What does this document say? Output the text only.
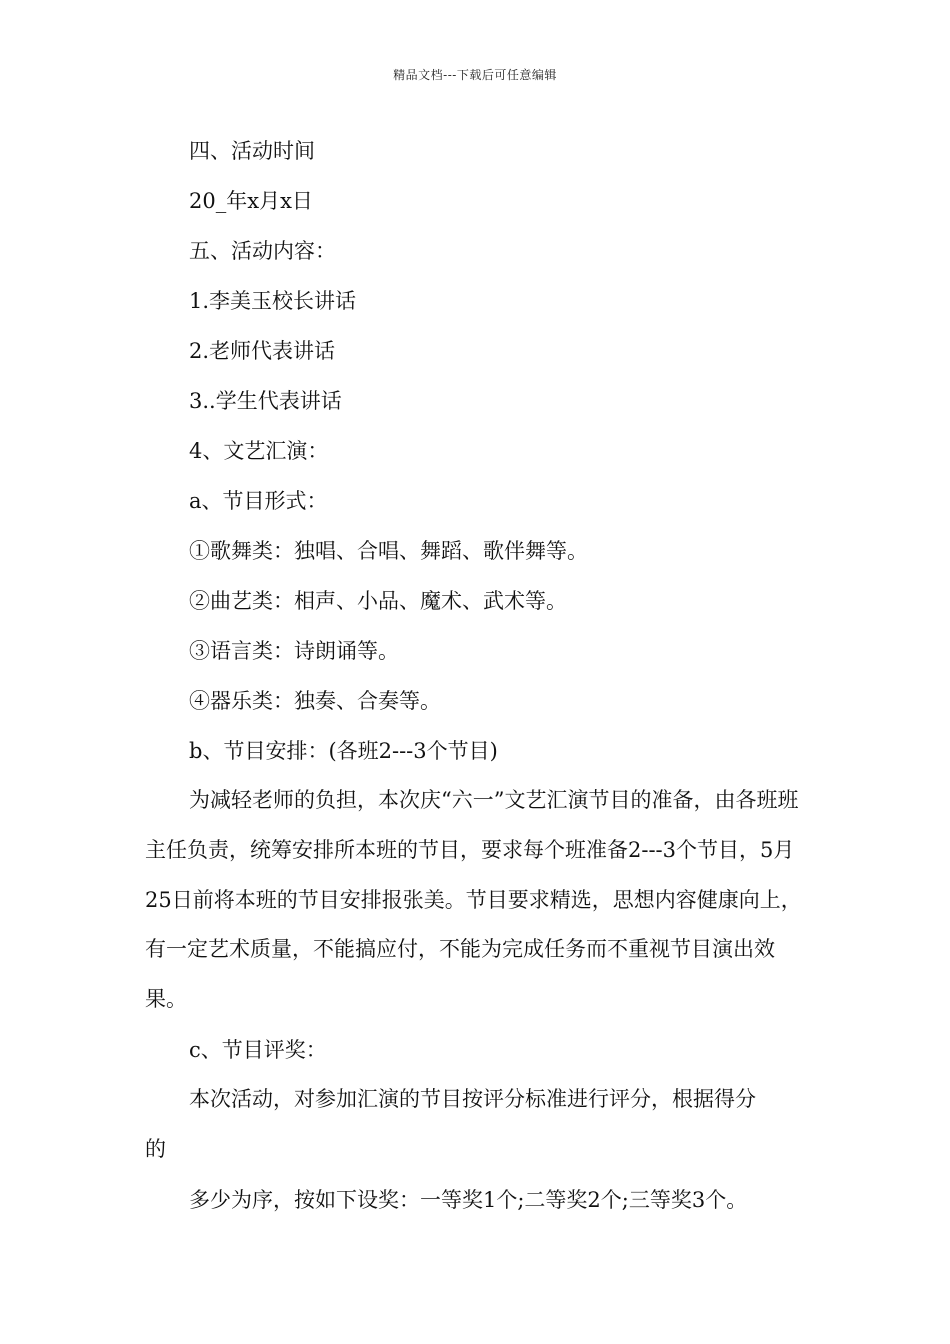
精品文档---下载后可任意编辑

四、活动时间

20_年x月x日

五、活动内容：

1.李美玉校长讲话

2.老师代表讲话

3..学生代表讲话

4、文艺汇演：

a、节目形式：

①歌舞类：独唱、合唱、舞蹈、歌伴舞等。

②曲艺类：相声、小品、魔术、武术等。

③语言类：诗朗诵等。

④器乐类：独奏、合奏等。

b、节目安排：(各班2---3个节目)

为减轻老师的负担，本次庆“六一”文艺汇演节目的准备，由各班班主任负责，统筹安排所本班的节目，要求每个班准备2---3个节目，5月25日前将本班的节目安排报张美。节目要求精选，思想内容健康向上，有一定艺术质量，不能搞应付，不能为完成任务而不重视节目演出效果。

c、节目评奖：

本次活动，对参加汇演的节目按评分标准进行评分，根据得分

的

多少为序，按如下设奖：一等奖1个;二等奖2个;三等奖3个。
